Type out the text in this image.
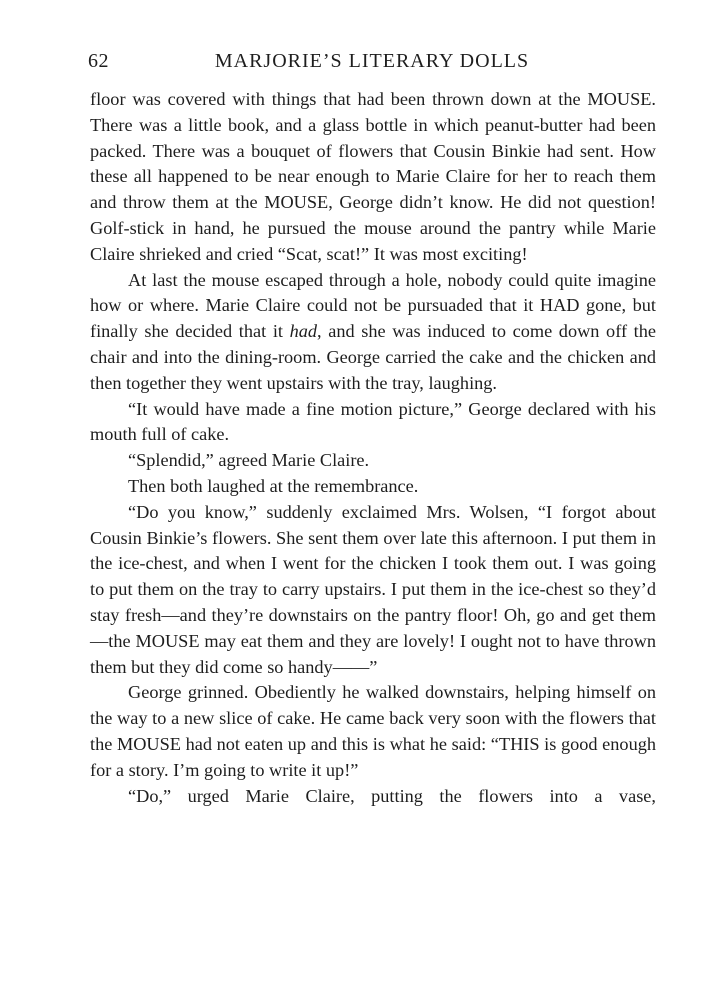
62	MARJORIE’S LITERARY DOLLS

floor was covered with things that had been thrown down at the MOUSE. There was a little book, and a glass bottle in which peanut-butter had been packed. There was a bouquet of flowers that Cousin Binkie had sent. How these all happened to be near enough to Marie Claire for her to reach them and throw them at the MOUSE, George didn’t know. He did not question! Golf-stick in hand, he pursued the mouse around the pantry while Marie Claire shrieked and cried “Scat, scat!” It was most exciting!

At last the mouse escaped through a hole, nobody could quite imagine how or where. Marie Claire could not be pursuaded that it HAD gone, but finally she decided that it had, and she was induced to come down off the chair and into the dining-room. George carried the cake and the chicken and then together they went upstairs with the tray, laughing.

“It would have made a fine motion picture,” George declared with his mouth full of cake.

“Splendid,” agreed Marie Claire.

Then both laughed at the remembrance.

“Do you know,” suddenly exclaimed Mrs. Wolsen, “I forgot about Cousin Binkie’s flowers. She sent them over late this afternoon. I put them in the ice-chest, and when I went for the chicken I took them out. I was going to put them on the tray to carry upstairs. I put them in the ice-chest so they’d stay fresh—and they’re downstairs on the pantry floor! Oh, go and get them—the MOUSE may eat them and they are lovely! I ought not to have thrown them but they did come so handy——”

George grinned. Obediently he walked downstairs, helping himself on the way to a new slice of cake. He came back very soon with the flowers that the MOUSE had not eaten up and this is what he said: “THIS is good enough for a story. I’m going to write it up!”

“Do,” urged Marie Claire, putting the flowers into a vase,
